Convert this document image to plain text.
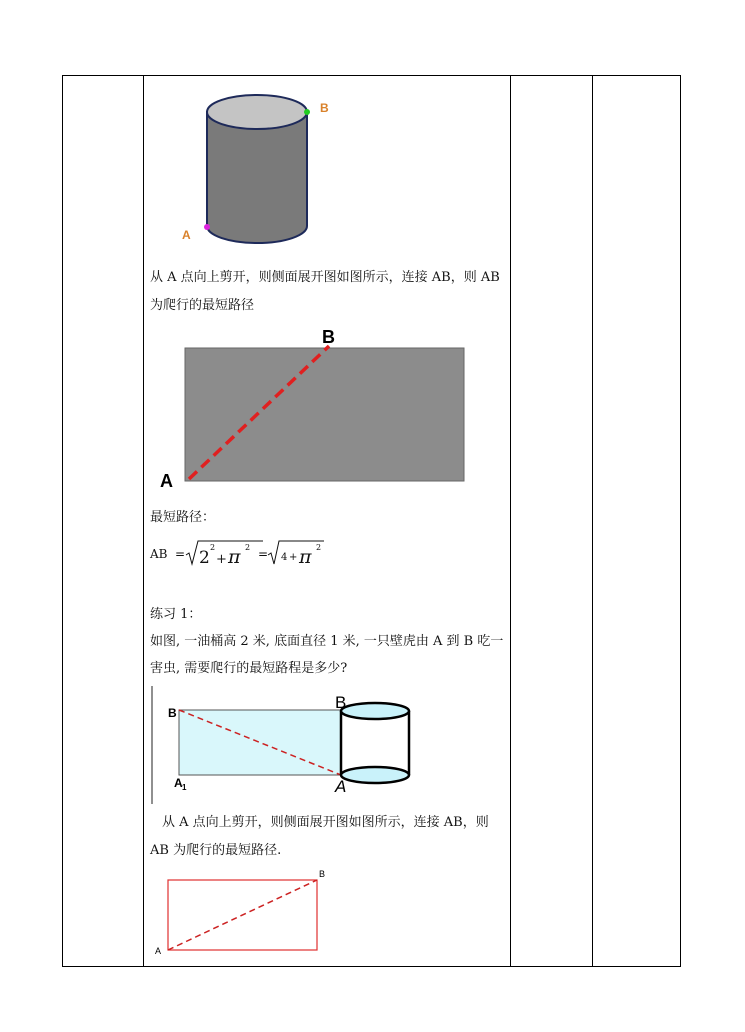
B
A
从 A 点向上剪开，则侧面展开图如图所示，连接 AB，则 AB
为爬行的最短路径
B
A
最短路径：
AB = 2
2
+ π 2 = 4 + π 2
练习 1：
如图, 一油桶高 2 米, 底面直径 1 米, 一只壁虎由 A 到 B 吃一
害虫, 需要爬行的最短路程是多少?
B
A 1
B
A
从 A 点向上剪开，则侧面展开图如图所示，连接 AB，则
AB 为爬行的最短路径.
B
A
